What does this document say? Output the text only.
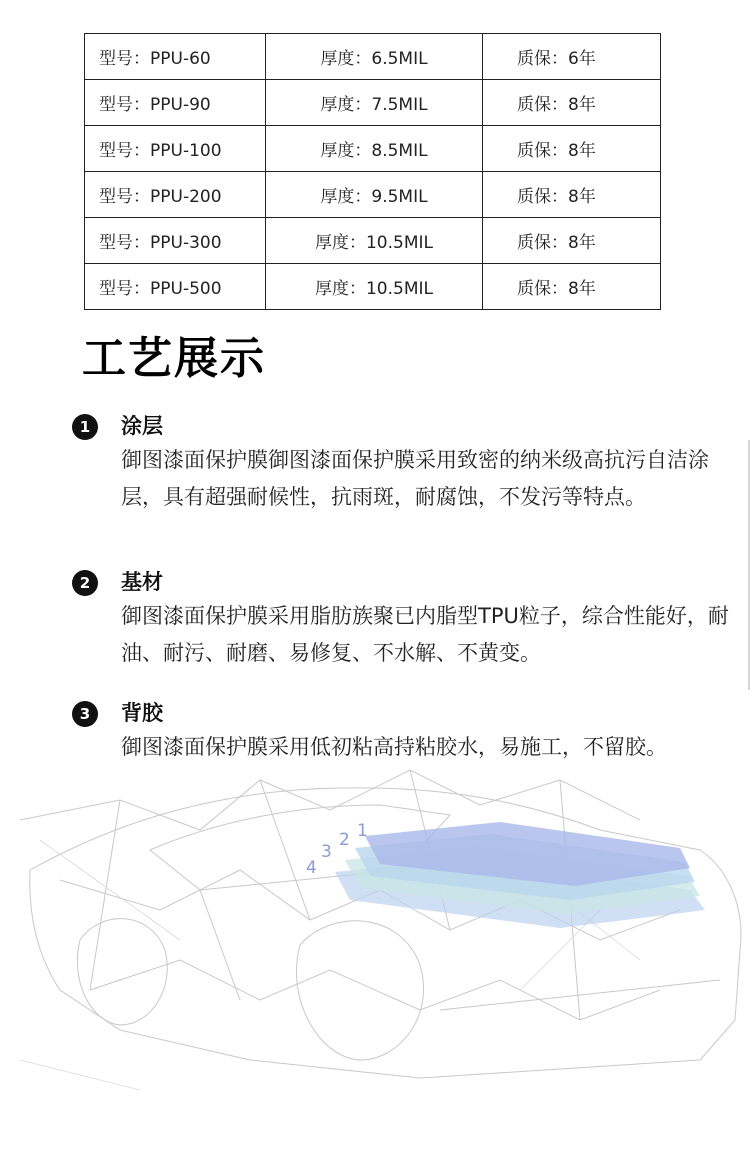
型号：PPU-60	厚度：6.5MIL	质保：6年
型号：PPU-90	厚度：7.5MIL	质保：8年
型号：PPU-100	厚度：8.5MIL	质保：8年
型号：PPU-200	厚度：9.5MIL	质保：8年
型号：PPU-300	厚度：10.5MIL	质保：8年
型号：PPU-500	厚度：10.5MIL	质保：8年
工艺展示
1	涂层
御图漆面保护膜御图漆面保护膜采用致密的纳米级高抗污自洁涂层，具有超强耐候性，抗雨斑，耐腐蚀，不发污等特点。
2	基材
御图漆面保护膜采用脂肪族聚已内脂型TPU粒子，综合性能好，耐油、耐污、耐磨、易修复、不水解、不黄变。
3	背胶
御图漆面保护膜采用低初粘高持粘胶水，易施工，不留胶。
1
2
3
4
